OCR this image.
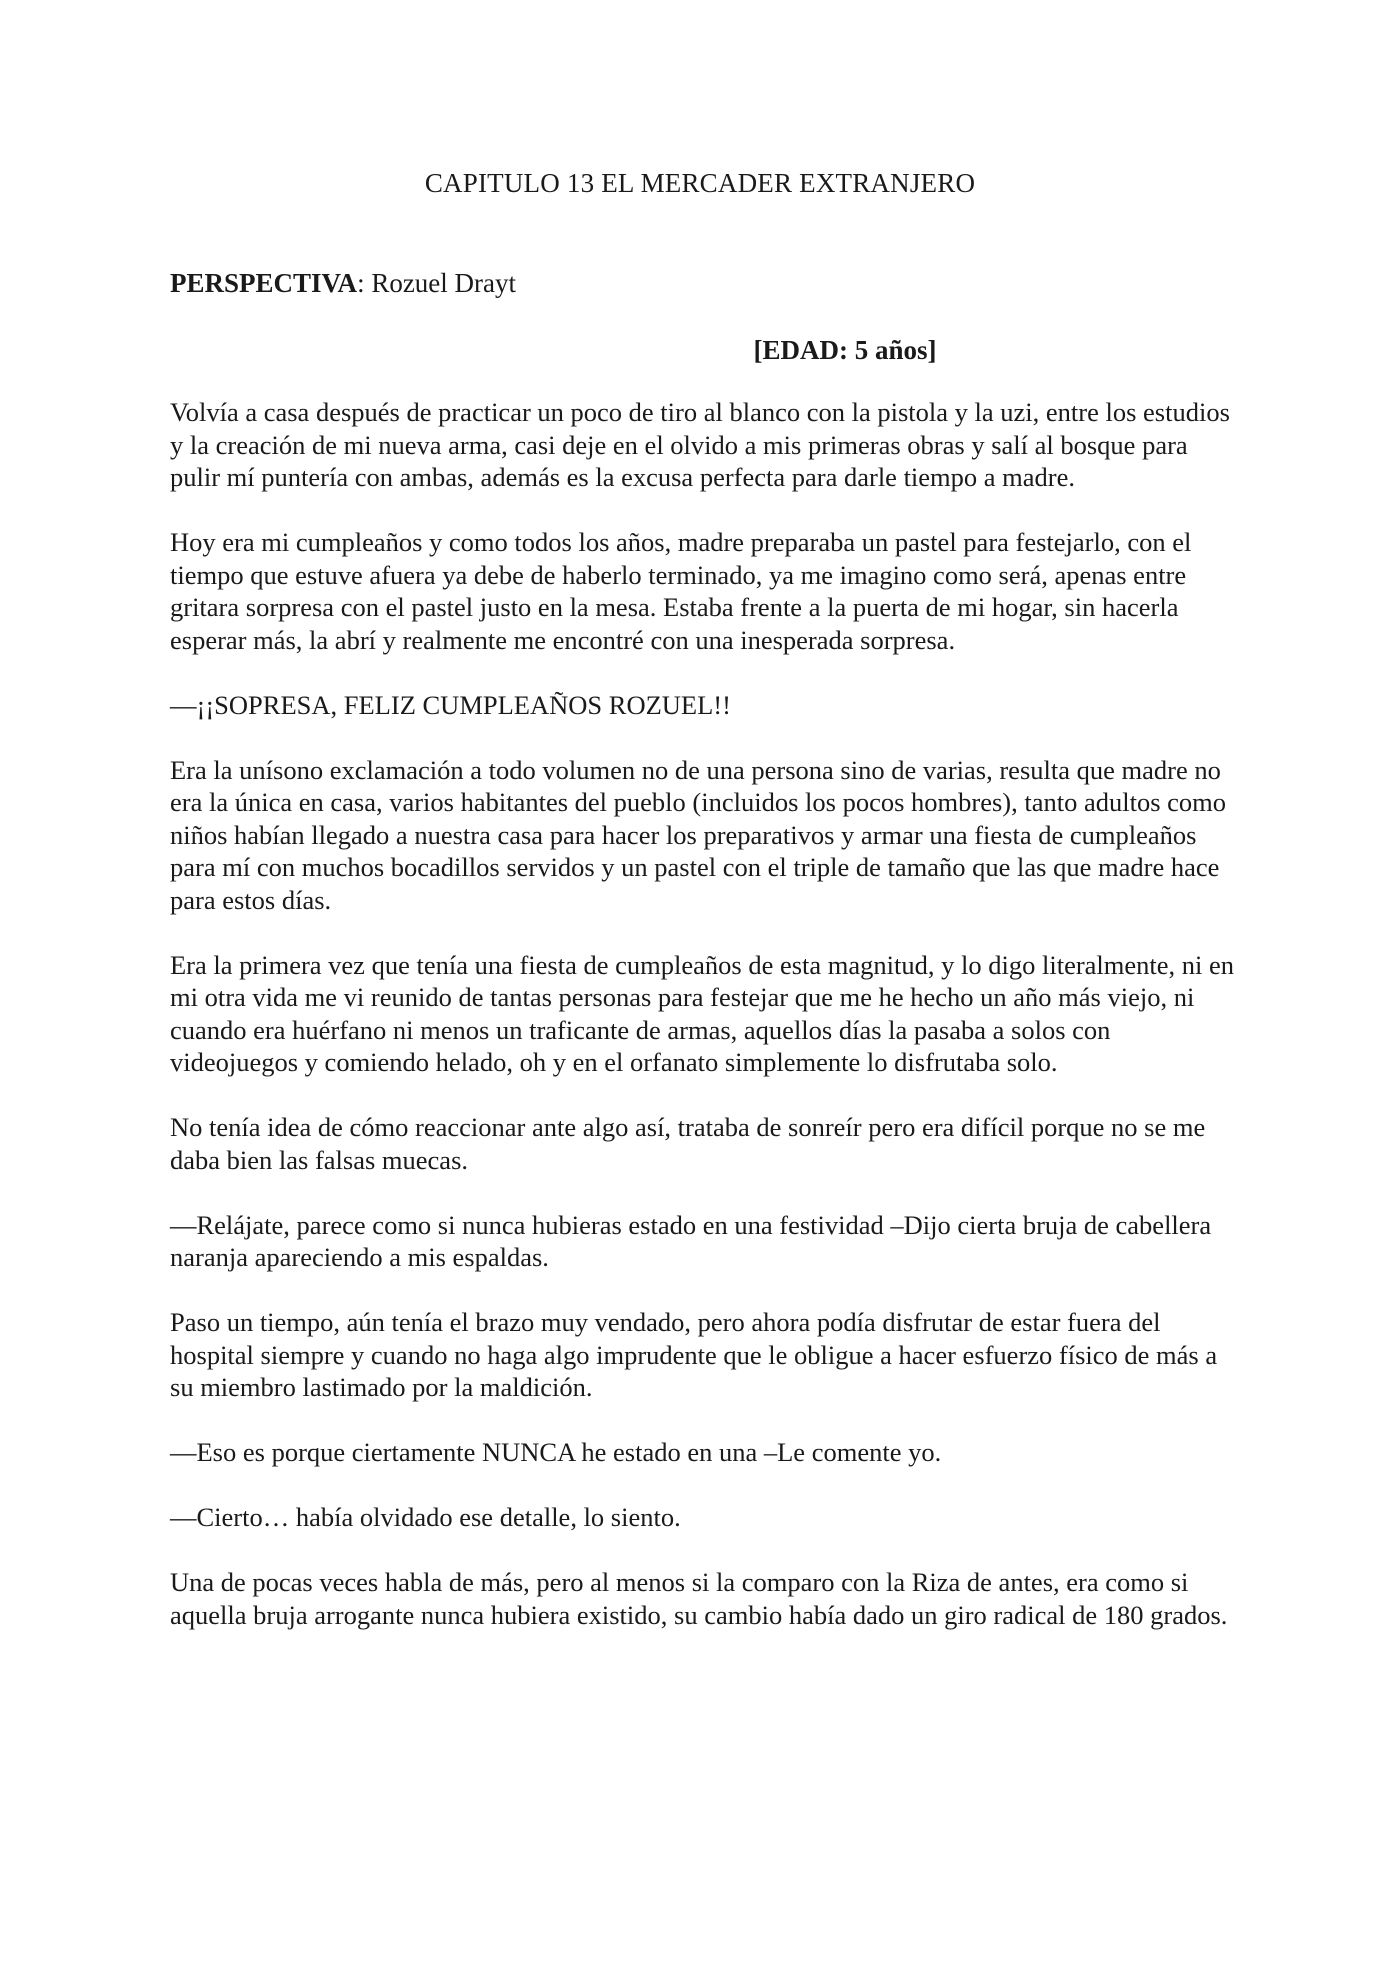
CAPITULO 13 EL MERCADER EXTRANJERO
PERSPECTIVA: Rozuel Drayt
[EDAD: 5 años]

Volvía a casa después de practicar un poco de tiro al blanco con la pistola y la uzi, entre los estudios y la creación de mi nueva arma, casi deje en el olvido a mis primeras obras y salí al bosque para pulir mí puntería con ambas, además es la excusa perfecta para darle tiempo a madre.

Hoy era mi cumpleaños y como todos los años, madre preparaba un pastel para festejarlo, con el tiempo que estuve afuera ya debe de haberlo terminado, ya me imagino como será, apenas entre gritara sorpresa con el pastel justo en la mesa. Estaba frente a la puerta de mi hogar, sin hacerla esperar más, la abrí y realmente me encontré con una inesperada sorpresa.

—¡¡SOPRESA, FELIZ CUMPLEAÑOS ROZUEL!!

Era la unísono exclamación a todo volumen no de una persona sino de varias, resulta que madre no era la única en casa, varios habitantes del pueblo (incluidos los pocos hombres), tanto adultos como niños habían llegado a nuestra casa para hacer los preparativos y armar una fiesta de cumpleaños para mí con muchos bocadillos servidos y un pastel con el triple de tamaño que las que madre hace para estos días.

Era la primera vez que tenía una fiesta de cumpleaños de esta magnitud, y lo digo literalmente, ni en mi otra vida me vi reunido de tantas personas para festejar que me he hecho un año más viejo, ni cuando era huérfano ni menos un traficante de armas, aquellos días la pasaba a solos con videojuegos y comiendo helado, oh y en el orfanato simplemente lo disfrutaba solo.

No tenía idea de cómo reaccionar ante algo así, trataba de sonreír pero era difícil porque no se me daba bien las falsas muecas.

—Relájate, parece como si nunca hubieras estado en una festividad –Dijo cierta bruja de cabellera naranja apareciendo a mis espaldas.

Paso un tiempo, aún tenía el brazo muy vendado, pero ahora podía disfrutar de estar fuera del hospital siempre y cuando no haga algo imprudente que le obligue a hacer esfuerzo físico de más a su miembro lastimado por la maldición.

—Eso es porque ciertamente NUNCA he estado en una –Le comente yo.

—Cierto… había olvidado ese detalle, lo siento.

Una de pocas veces habla de más, pero al menos si la comparo con la Riza de antes, era como si aquella bruja arrogante nunca hubiera existido, su cambio había dado un giro radical de 180 grados.
